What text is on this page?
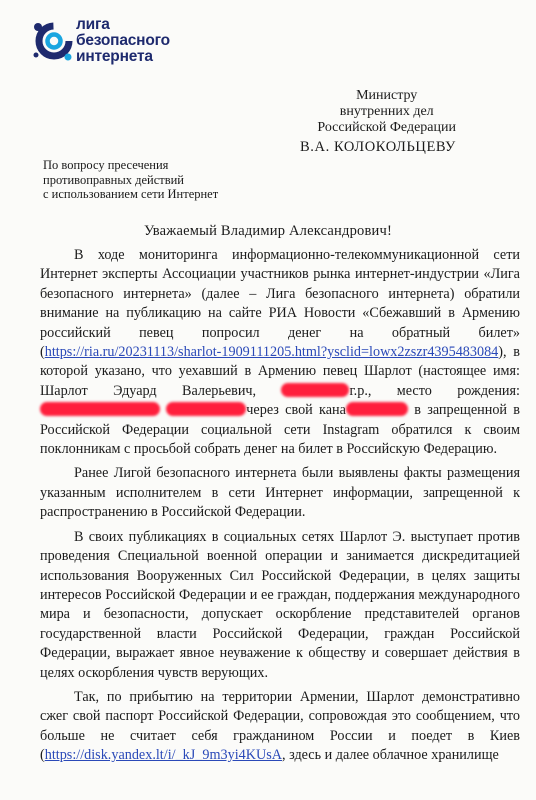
лига
безопасного
интернета
Министру
внутренних дел
Российской Федерации
В.А. КОЛОКОЛЬЦЕВУ
По вопросу пресечения
противоправных действий
с использованием сети Интернет
Уважаемый Владимир Александрович!

В ходе мониторинга информационно-телекоммуникационной сети Интернет эксперты Ассоциации участников рынка интернет-индустрии «Лига безопасного интернета» (далее – Лига безопасного интернета) обратили внимание на публикацию на сайте РИА Новости «Сбежавший в Армению российский певец попросил денег на обратный билет» (https://ria.ru/20231113/sharlot-1909111205.html?ysclid=lowx2zszr4395483084), в которой указано, что уехавший в Армению певец Шарлот (настоящее имя: Шарлот Эдуард Валерьевич,	г.р., место рождения:  через свой кана	в запрещенной в Российской Федерации социальной сети Instagram обратился к своим поклонникам с просьбой собрать денег на билет в Российскую Федерацию.

Ранее Лигой безопасного интернета были выявлены факты размещения указанным исполнителем в сети Интернет информации, запрещенной к распространению в Российской Федерации.

В своих публикациях в социальных сетях Шарлот Э. выступает против проведения Специальной военной операции и занимается дискредитацией использования Вооруженных Сил Российской Федерации, в целях защиты интересов Российской Федерации и ее граждан, поддержания международного мира и безопасности, допускает оскорбление представителей органов государственной власти Российской Федерации, граждан Российской Федерации, выражает явное неуважение к обществу и совершает действия в целях оскорбления чувств верующих.

Так, по прибытию на территории Армении, Шарлот демонстративно сжег свой паспорт Российской Федерации, сопровождая это сообщением, что больше не считает себя гражданином России и поедет в Киев (https://disk.yandex.lt/i/_kJ_9m3yi4KUsA, здесь и далее облачное хранилище
